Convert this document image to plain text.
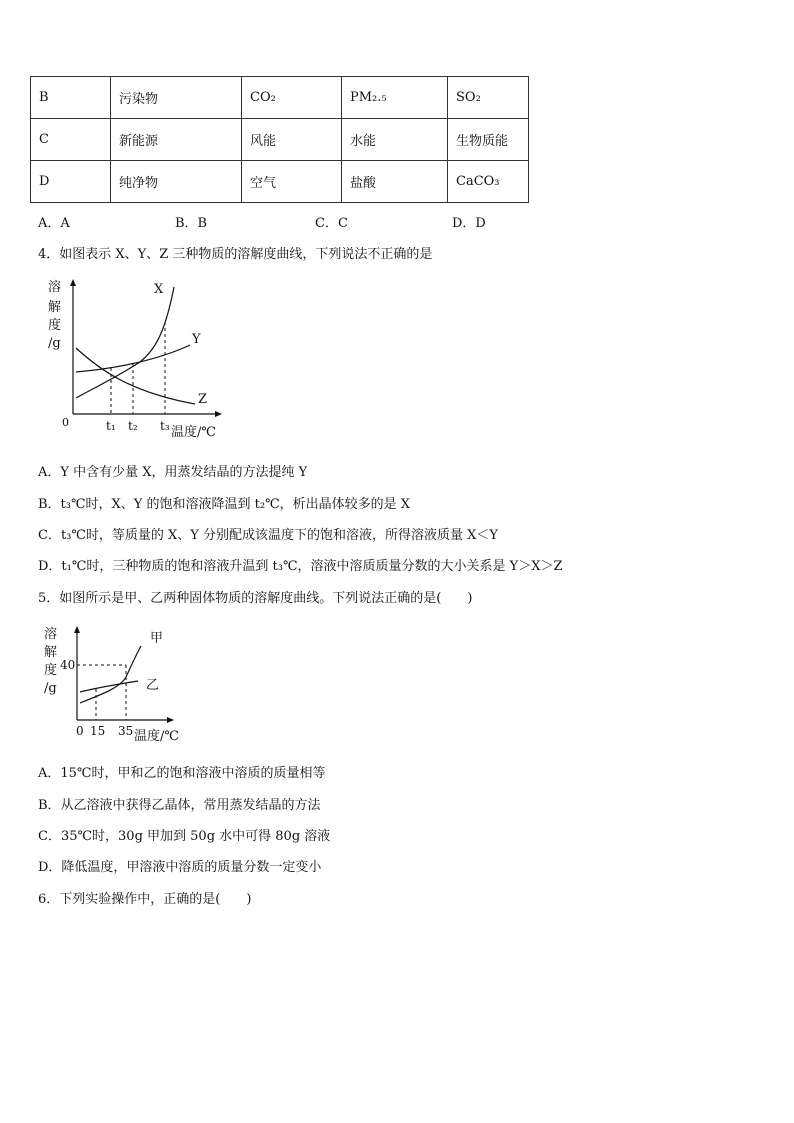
B	污染物	CO₂	PM₂.₅	SO₂
C	新能源	风能	水能	生物质能
D	纯净物	空气	盐酸	CaCO₃
A．A	B．B	C．C	D．D
4．如图表示 X、Y、Z 三种物质的溶解度曲线，下列说法不正确的是
溶
解
度
/g
X
Y
Z
0	t₁ t₂ t₃ 温度/℃
A．Y 中含有少量 X，用蒸发结晶的方法提纯 Y
B．t₃℃时，X、Y 的饱和溶液降温到 t₂℃，析出晶体较多的是 X
C．t₃℃时，等质量的 X、Y 分别配成该温度下的饱和溶液，所得溶液质量 X＜Y
D．t₁℃时，三种物质的饱和溶液升温到 t₃℃，溶液中溶质质量分数的大小关系是 Y＞X＞Z
5．如图所示是甲、乙两种固体物质的溶解度曲线。下列说法正确的是(　　)
溶
解
度
/g
甲
乙
40
0 15 35 温度/℃
A．15℃时，甲和乙的饱和溶液中溶质的质量相等
B．从乙溶液中获得乙晶体，常用蒸发结晶的方法
C．35℃时，30g 甲加到 50g 水中可得 80g 溶液
D．降低温度，甲溶液中溶质的质量分数一定变小
6．下列实验操作中，正确的是(　　)
